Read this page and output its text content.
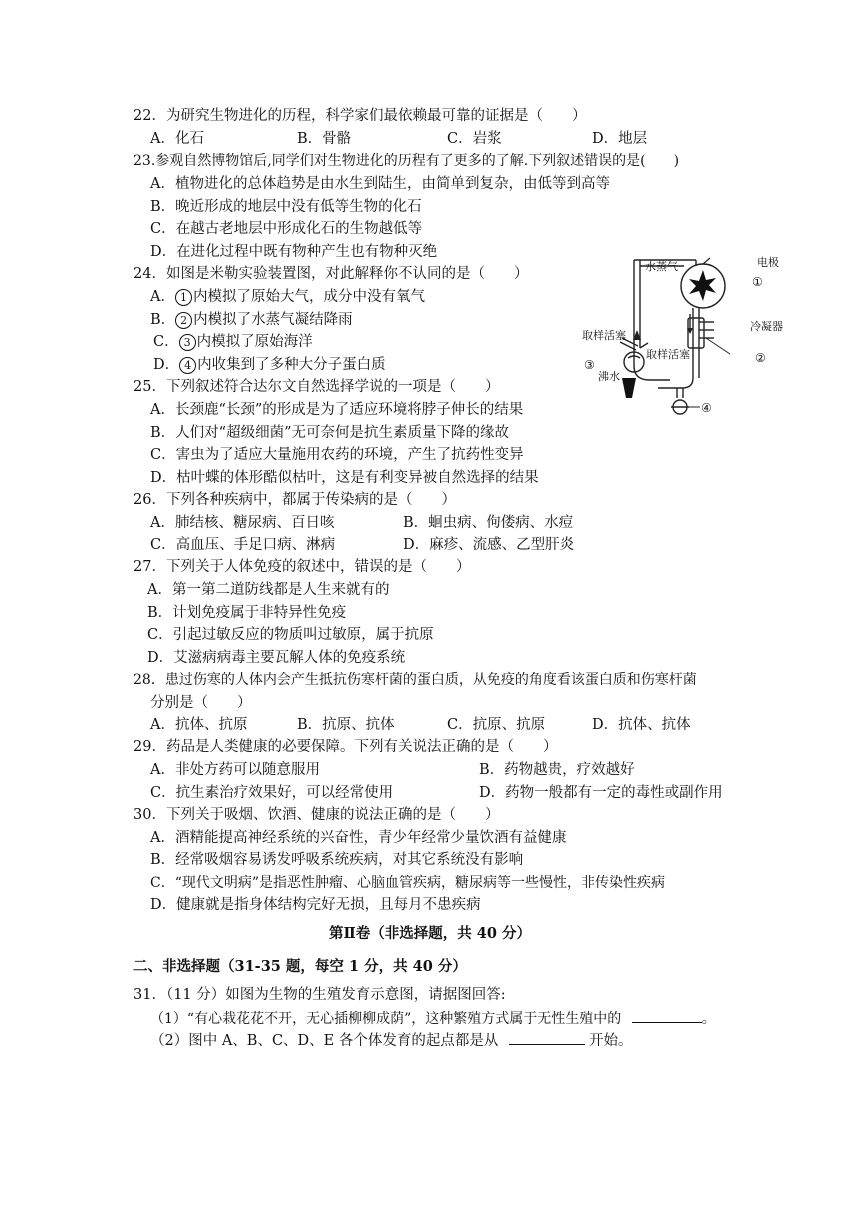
22．为研究生物进化的历程，科学家们最依赖最可靠的证据是（　　）
A．化石	B．骨骼	C．岩浆	D．地层
23.参观自然博物馆后,同学们对生物进化的历程有了更多的了解.下列叙述错误的是(　　)
A．植物进化的总体趋势是由水生到陆生，由简单到复杂，由低等到高等
B．晚近形成的地层中没有低等生物的化石
C．在越古老地层中形成化石的生物越低等
D．在进化过程中既有物种产生也有物种灭绝
24．如图是米勒实验装置图，对此解释你不认同的是（　　）
A． 1 内模拟了原始大气，成分中没有氧气
B． 2 内模拟了水蒸气凝结降雨
C． 3 内模拟了原始海洋
D． 4 内收集到了多种大分子蛋白质
水蒸气	电极
①
冷凝器
②
取样活塞
取样活塞
③
沸水
④
25．下列叙述符合达尔文自然选择学说的一项是（　　）
A．长颈鹿“长颈”的形成是为了适应环境将脖子伸长的结果
B．人们对“超级细菌”无可奈何是抗生素质量下降的缘故
C．害虫为了适应大量施用农药的环境，产生了抗药性变异
D．枯叶蝶的体形酷似枯叶，这是有利变异被自然选择的结果
26．下列各种疾病中，都属于传染病的是（　　）
A．肺结核、糖尿病、百日咳	B．蛔虫病、佝偻病、水痘
C．高血压、手足口病、淋病	D．麻疹、流感、乙型肝炎
27．下列关于人体免疫的叙述中，错误的是（　　）
A．第一第二道防线都是人生来就有的
B．计划免疫属于非特异性免疫
C．引起过敏反应的物质叫过敏原，属于抗原
D．艾滋病病毒主要瓦解人体的免疫系统
28．患过伤寒的人体内会产生抵抗伤寒杆菌的蛋白质，从免疫的角度看该蛋白质和伤寒杆菌
分别是（　　）
A．抗体、抗原	B．抗原、抗体	C．抗原、抗原	D．抗体、抗体
29．药品是人类健康的必要保障。下列有关说法正确的是（　　）
A．非处方药可以随意服用	B．药物越贵，疗效越好
C．抗生素治疗效果好，可以经常使用	D．药物一般都有一定的毒性或副作用
30．下列关于吸烟、饮酒、健康的说法正确的是（　　）
A．酒精能提高神经系统的兴奋性，青少年经常少量饮酒有益健康
B．经常吸烟容易诱发呼吸系统疾病，对其它系统没有影响
C．“现代文明病”是指恶性肿瘤、心脑血管疾病，糖尿病等一些慢性，非传染性疾病
D．健康就是指身体结构完好无损，且每月不患疾病
第Ⅱ卷（非选择题，共 40 分）
二、非选择题（31-35 题，每空 1 分，共 40 分）
31．（11 分）如图为生物的生殖发育示意图，请据图回答:
（1）“有心栽花花不开，无心插柳柳成荫”，这种繁殖方式属于无性生殖中的	。
（2）图中 A、B、C、D、E 各个体发育的起点都是从	开始。
